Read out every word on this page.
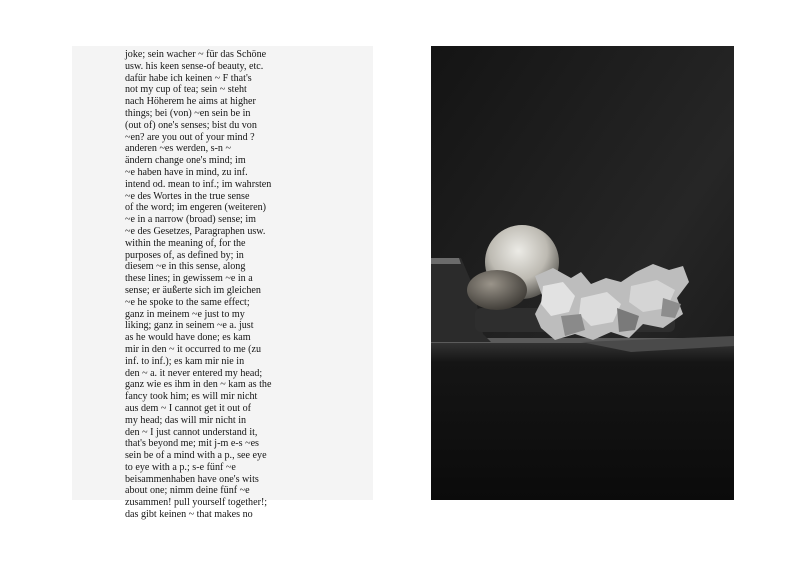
joke; sein wacher ~ für das Schöne
usw. his keen sense-of beauty, etc.
dafür habe ich keinen ~ F that's
not my cup of tea; sein ~ steht
nach Höherem he aims at higher
things; bei (von) ~en sein be in
(out of) one's senses; bist du von
~en? are you out of your mind ?
anderen ~es werden, s-n ~
ändern change one's mind; im
~e haben have in mind, zu inf.
intend od. mean to inf.; im wahrsten
~e des Wortes in the true sense
of the word; im engeren (weiteren)
~e in a narrow (broad) sense; im
~e des Gesetzes, Paragraphen usw.
within the meaning of, for the
purposes of, as defined by; in
diesem ~e in this sense, along
these lines; in gewissem ~e in a
sense; er äußerte sich im gleichen
~e he spoke to the same effect;
ganz in meinem ~e just to my
liking; ganz in seinem ~e a. just
as he would have done; es kam
mir in den ~ it occurred to me (zu
inf. to inf.); es kam mir nie in
den ~ a. it never entered my head;
ganz wie es ihm in den ~ kam as the
fancy took him; es will mir nicht
aus dem ~ I cannot get it out of
my head; das will mir nicht in
den ~ I just cannot understand it,
that's beyond me; mit j-m e-s ~es
sein be of a mind with a p., see eye
to eye with a p.; s-e fünf ~e
beisammenhaben have one's wits
about one; nimm deine fünf ~e
zusammen! pull yourself together!;
das gibt keinen ~ that makes no
